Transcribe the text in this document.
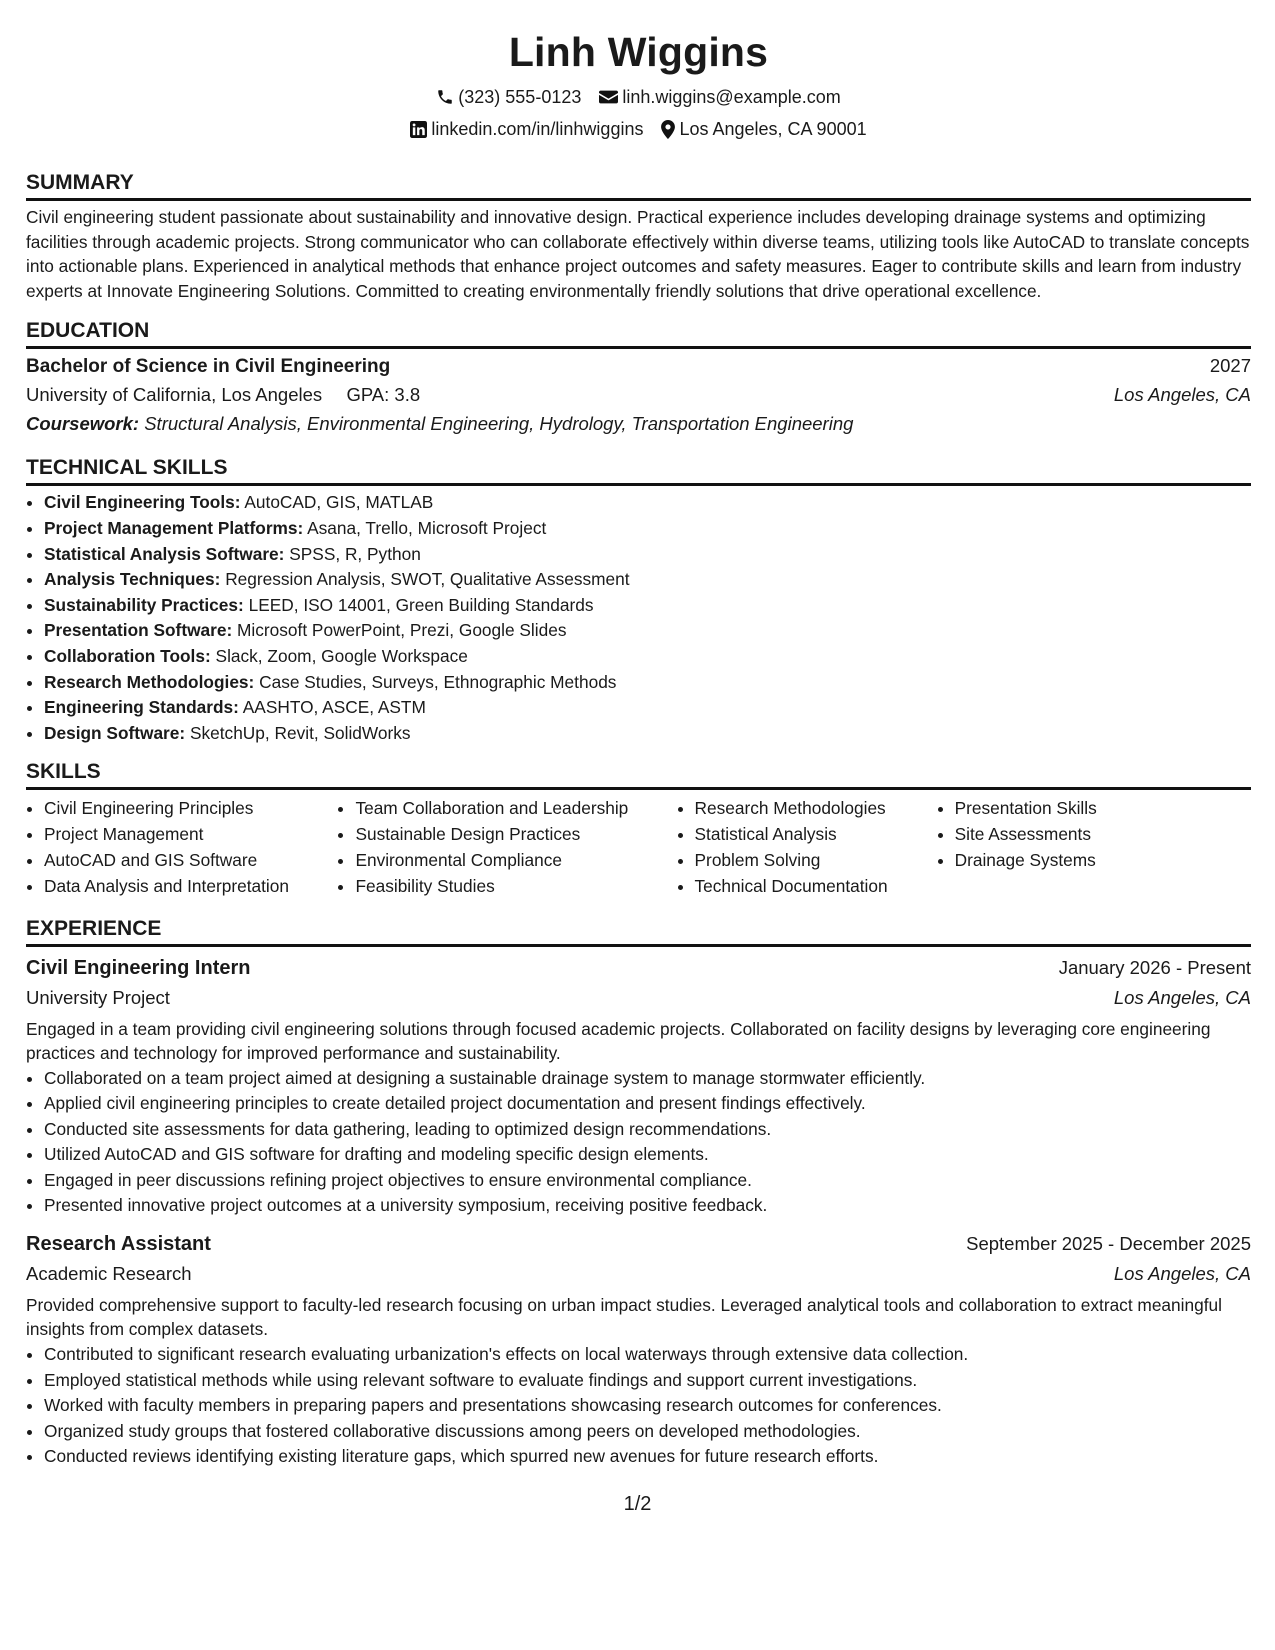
Linh Wiggins
(323) 555-0123 linh.wiggins@example.com
linkedin.com/in/linhwiggins Los Angeles, CA 90001
SUMMARY
Civil engineering student passionate about sustainability and innovative design. Practical experience includes developing drainage systems and optimizing facilities through academic projects. Strong communicator who can collaborate effectively within diverse teams, utilizing tools like AutoCAD to translate concepts into actionable plans. Experienced in analytical methods that enhance project outcomes and safety measures. Eager to contribute skills and learn from industry experts at Innovate Engineering Solutions. Committed to creating environmentally friendly solutions that drive operational excellence.
EDUCATION
Bachelor of Science in Civil Engineering	2027
University of California, Los Angeles GPA: 3.8	Los Angeles, CA
Coursework: Structural Analysis, Environmental Engineering, Hydrology, Transportation Engineering
TECHNICAL SKILLS
• Civil Engineering Tools: AutoCAD, GIS, MATLAB
• Project Management Platforms: Asana, Trello, Microsoft Project
• Statistical Analysis Software: SPSS, R, Python
• Analysis Techniques: Regression Analysis, SWOT, Qualitative Assessment
• Sustainability Practices: LEED, ISO 14001, Green Building Standards
• Presentation Software: Microsoft PowerPoint, Prezi, Google Slides
• Collaboration Tools: Slack, Zoom, Google Workspace
• Research Methodologies: Case Studies, Surveys, Ethnographic Methods
• Engineering Standards: AASHTO, ASCE, ASTM
• Design Software: SketchUp, Revit, SolidWorks
SKILLS
• Civil Engineering Principles
• Project Management
• AutoCAD and GIS Software
• Data Analysis and Interpretation
• Team Collaboration and Leadership
• Sustainable Design Practices
• Environmental Compliance
• Feasibility Studies
• Research Methodologies
• Statistical Analysis
• Problem Solving
• Technical Documentation
• Presentation Skills
• Site Assessments
• Drainage Systems
EXPERIENCE
Civil Engineering Intern	January 2026 - Present
University Project	Los Angeles, CA
Engaged in a team providing civil engineering solutions through focused academic projects. Collaborated on facility designs by leveraging core engineering practices and technology for improved performance and sustainability.
• Collaborated on a team project aimed at designing a sustainable drainage system to manage stormwater efficiently.
• Applied civil engineering principles to create detailed project documentation and present findings effectively.
• Conducted site assessments for data gathering, leading to optimized design recommendations.
• Utilized AutoCAD and GIS software for drafting and modeling specific design elements.
• Engaged in peer discussions refining project objectives to ensure environmental compliance.
• Presented innovative project outcomes at a university symposium, receiving positive feedback.
Research Assistant	September 2025 - December 2025
Academic Research	Los Angeles, CA
Provided comprehensive support to faculty-led research focusing on urban impact studies. Leveraged analytical tools and collaboration to extract meaningful insights from complex datasets.
• Contributed to significant research evaluating urbanization's effects on local waterways through extensive data collection.
• Employed statistical methods while using relevant software to evaluate findings and support current investigations.
• Worked with faculty members in preparing papers and presentations showcasing research outcomes for conferences.
• Organized study groups that fostered collaborative discussions among peers on developed methodologies.
• Conducted reviews identifying existing literature gaps, which spurred new avenues for future research efforts.
1/2
